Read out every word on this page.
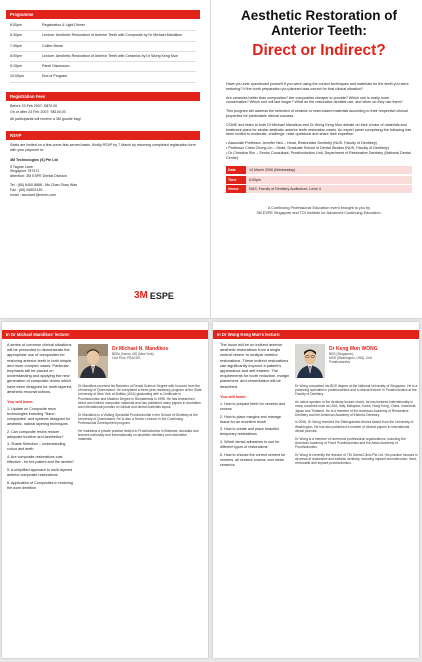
Programme
6:00pm	Registration & Light Dinner
6:30pm	Lecture: Aesthetic Restoration of Anterior Teeth with Composite by Dr Michael Mandikos
7:45pm	Coffee Break
8:00pm	Lecture: Aesthetic Restoration of Anterior Teeth with Ceramics by Dr Wong Keng Mun
9:15pm	Panel Discussion
10:00pm	End of Program
Registration Fees
Before 23 Feb 2007: S$70.00
On or after 23 Feb 2007: S$100.00
All participants will receive a 3M goodie bag!
RSVP
Seats are limited on a first-come-first-served basis. Kindly RSVP by 7 March by returning completed registration form with your payment to:
3M Technologies (S) Pte Ltd
9 Tagore Lane
Singapore 787472
Attention: 3M ESPE Dental Division
Tel : (65) 6450 8888 - Ms Chan Shao Wan
Fax : (65) 64502130
email : swchan1@mmm.com
3M ESPE
Aesthetic Restoration of Anterior Teeth:
Direct or Indirect?

Have you ever questioned yourself if you were using the correct techniques and materials for the teeth you were restoring? If the tooth preparation you planned was correct for that clinical situation?

Are ceramics better than composites? Are composites cheaper to provide? Which one is really more conservative? Which one will last longer? What do the restorative dentists use, and when do they use them?

This program will address the selection of ceramic or resin-based materials according to their respective clinical properties for predictable clinical success.

COME and listen to both Dr Michael Mandikos and Dr Wong Keng Mun debate on their choice of materials and treatment plans for similar aesthetic anterior teeth restoration cases. An expert panel comprising the following has been invited to moderate, challenge, raise questions and share their expertise:

• Associate Professor Jennifer Neo – Head, Restorative Dentistry (NUS, Faculty of Dentistry)
• Professor Chew Chong Lin – Head, Graduate School of Dental Studies (NUS, Faculty of Dentistry)
• Dr Christina Sim – Senior Consultant, Prosthodontics Unit, Department of Restorative Dentistry (National Dental Centre)
Date	14 March 2006 (Wednesday)
Time	6:00pm
Venue	NUS, Faculty of Dentistry Auditorium, Level 4
A Continuing Professional Education event brought to you by
3M ESPE Singapore and TDI Institute for Advanced Continuing Education.
In Dr Michael Mandikos' lecture:

A series of common clinical situations will be presented to demonstrate the appropriate use of composites for restoring anterior teeth in both simple and more complex cases. Particular emphasis will be placed on understanding and applying the new generation of composite resins which have been designed for multi-layered, aesthetic reconstructions.

You will learn:
1. Update on Composite resin technologies including "Nano-composites" and systems designed for aesthetic, natural layering techniques
2. Can composite resins restore adequate function and Aesthetics?
3. Shade Selection – understanding colour and teeth
4. Are composite restorations cost effective - for the patient and the dentist?
5. A simplified approach to multi-layered anterior composite restorations
6. Application of Composites in restoring the worn dentition
Dr Michael N. Mandikos
BDSc (Hons), MS (New York),
Cert Pros, FRACDS

Dr Mandikos received his Bachelor of Dental Science Degree with honours from the University of Queensland. He completed a three-year residency program at the State University of New York at Buffalo (USA) graduating with a Certificate in Prosthodontics and Masters Degree in Biomaterials in 1996. He has researched direct and indirect composite materials and has published many papers in Australian and international journals on clinical and dental materials topics.

Dr Mandikos is a Visiting Specialist Prosthodontist in the School of Dentistry at the University of Queensland. He is also a Senior Lecturer in the Continuing Professional Development program.

He maintains a private practice limited to Prosthodontics in Brisbane, Australia and lectures nationally and internationally on aesthetic dentistry and restorative materials.

In Dr Wong Keng Mun's lecture:

The focus will be on indirect anterior aesthetic restorations from a single central veneer to multiple anterior restorations. These indirect restorations can significantly improve a patient's appearance and self-esteem. The requirements for tooth reduction, margin placement, and cementation will be described.

You will learn:
1. How to prepare teeth for veneers and crowns
2. How to place margins and manage tissue for an excellent result
3. How to create and place beautiful temporary restorations
4. Which dental adhesives to use for different types of restorations
5. How to choose the correct cement for veneers, all ceramic crowns, and metal ceramics
Dr Keng Mun WONG
BDS (Singapore),
MSD (Washington, USA), Cert
Prosthodontics

Dr Wong completed his BDS degree at the National University of Singapore. He is a practicing specialist in prosthodontics and a clinical lecturer in Prosthodontics at the Faculty of Dentistry.

An active speaker in the dentistry lecture circuit, he has lectured internationally in many countries such as USA, Italy, Malaysia, Korea, Hong Kong, China, Indonesia, Japan and Thailand. He is a member of the American Academy of Restorative Dentistry and the American Academy of Esthetic Dentistry.

In 2006, Dr Wong received the Distinguished Alumni Award from the University of Washington. He has also published a number of clinical papers in international dental journals.

Dr Wong is a member of numerous professional organizations, including the American Academy of Fixed Prosthodontics and the Asian Academy of Prosthodontics.

Dr Wong is currently the director of TDI Dental Clinic Pte Ltd. His practice focuses in all areas of restorative and esthetic dentistry, including implant reconstruction, fixed, removable and implant prosthodontics.
